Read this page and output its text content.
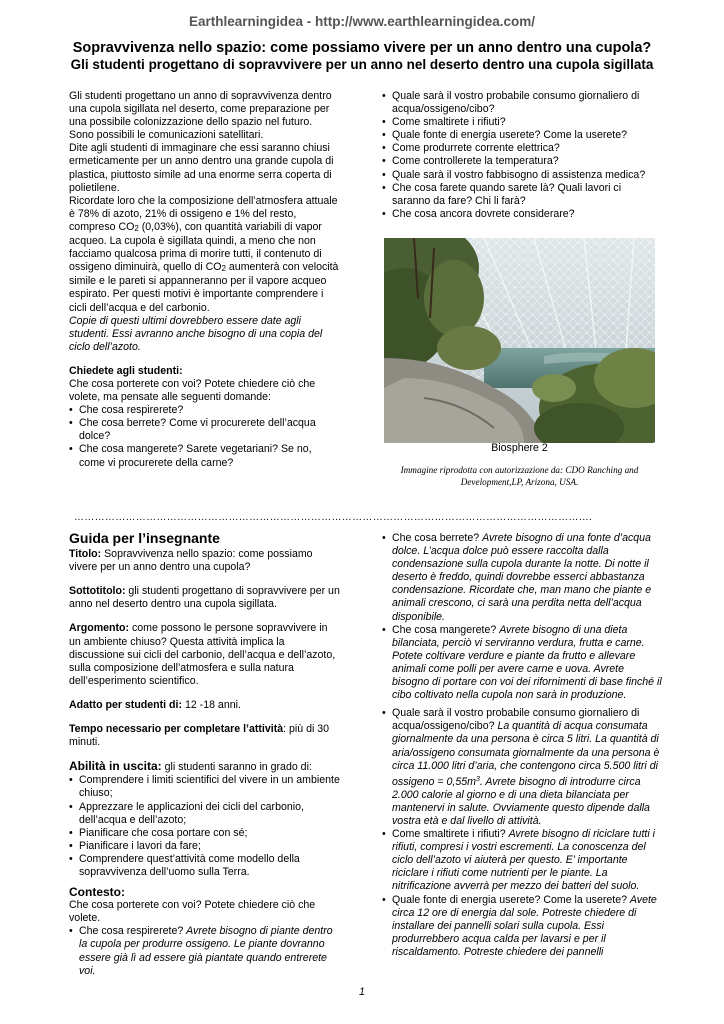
Earthlearningidea - http://www.earthlearningidea.com/
Sopravvivenza nello spazio: come possiamo vivere per un anno dentro una cupola?
Gli studenti progettano di sopravvivere per un anno nel deserto dentro una cupola sigillata

Gli studenti progettano un anno di sopravvivenza dentro una cupola sigillata nel deserto, come preparazione per una possibile colonizzazione dello spazio nel futuro. Sono possibili le comunicazioni satellitari.

Dite agli studenti di immaginare che essi saranno chiusi ermeticamente per un anno dentro una grande cupola di plastica, piuttosto simile ad una enorme serra coperta di polietilene.

Ricordate loro che la composizione dell’atmosfera attuale è 78% di azoto, 21% di ossigeno e 1% del resto, compreso CO2 (0,03%), con quantità variabili di vapor acqueo. La cupola è sigillata quindi, a meno che non facciamo qualcosa prima di morire tutti, il contenuto di ossigeno diminuirà, quello di CO2 aumenterà con velocità simile e le pareti si appanneranno per il vapore acqueo espirato. Per questi motivi è importante comprendere i cicli dell’acqua e del carbonio.

Copie di questi ultimi dovrebbero essere date agli studenti. Essi avranno anche bisogno di una copia del ciclo dell’azoto.

Chiedete agli studenti:

Che cosa porterete con voi? Potete chiedere ciò che volete, ma pensate alle seguenti domande:

• Che cosa respirerete?
• Che cosa berrete? Come vi procurerete dell’acqua dolce?
• Che cosa mangerete? Sarete vegetariani? Se no, come vi procurerete della carne?
• Quale sarà il vostro probabile consumo giornaliero di acqua/ossigeno/cibo?
• Come smaltirete i rifiuti?
• Quale fonte di energia userete? Come la userete?
• Come produrrete corrente elettrica?
• Come controllerete la temperatura?
• Quale sarà il vostro fabbisogno di assistenza medica?
• Che cosa farete quando sarete là? Quali lavori ci saranno da fare? Chi li farà?
• Che cosa ancora dovrete considerare?
Biosphere 2
Immagine riprodotta con autorizzazione da: CDO Ranching and Development,LP, Arizona, USA.
…………………………………………………………………………………………………………………………………….
Guida per l’insegnante

Titolo: Sopravvivenza nello spazio: come possiamo vivere per un anno dentro una cupola?

Sottotitolo: gli studenti progettano di sopravvivere per un anno nel deserto dentro una cupola sigillata.

Argomento: come possono le persone sopravvivere in un ambiente chiuso? Questa attività implica la discussione sui cicli del carbonio, dell’acqua e dell’azoto, sulla composizione dell’atmosfera e sulla natura dell’esperimento scientifico.

Adatto per studenti di: 12 -18 anni.

Tempo necessario per completare l’attività: più di 30 minuti.

Abilità in uscita: gli studenti saranno in grado di:

• Comprendere i limiti scientifici del vivere in un ambiente chiuso;
• Apprezzare le applicazioni dei cicli del carbonio, dell’acqua e dell’azoto;
• Pianificare che cosa portare con sé;
• Pianificare i lavori da fare;
• Comprendere quest’attività come modello della sopravvivenza dell’uomo sulla Terra.

Contesto:

Che cosa porterete con voi? Potete chiedere ciò che volete.

• Che cosa respirerete? Avrete bisogno di piante dentro la cupola per produrre ossigeno. Le piante dovranno essere già lì ad essere già piantate quando entrerete voi.
• Che cosa berrete? Avrete bisogno di una fonte d’acqua dolce. L’acqua dolce può essere raccolta dalla condensazione sulla cupola durante la notte. Di notte il deserto è freddo, quindi dovrebbe esserci abbastanza condensazione. Ricordate che, man mano che piante e animali crescono, ci sarà una perdita netta dell’acqua disponibile.
• Che cosa mangerete? Avrete bisogno di una dieta bilanciata, perciò vi serviranno verdura, frutta e carne. Potete coltivare verdure e piante da frutto e allevare animali come polli per avere carne e uova. Avrete bisogno di portare con voi dei rifornimenti di base finché il cibo coltivato nella cupola non sarà in produzione.
• Quale sarà il vostro probabile consumo giornaliero di acqua/ossigeno/cibo? La quantità di acqua consumata giornalmente da una persona è circa 5 litri. La quantità di aria/ossigeno consumata giornalmente da una persona è circa 11.000 litri d’aria, che contengono circa 5.500 litri di ossigeno = $0,55m^3$. Avrete bisogno di introdurre circa 2.000 calorie al giorno e di una dieta bilanciata per mantenervi in salute. Ovviamente questo dipende dalla vostra età e dal livello di attività.
• Come smaltirete i rifiuti? Avrete bisogno di riciclare tutti i rifiuti, compresi i vostri escrementi. La conoscenza del ciclo dell’azoto vi aiuterà per questo. E’ importante riciclare i rifiuti come nutrienti per le piante. La nitrificazione avverrà per mezzo dei batteri del suolo.
• Quale fonte di energia userete? Come la userete? Avete circa 12 ore di energia dal sole. Potreste chiedere di installare dei pannelli solari sulla cupola. Essi produrrebbero acqua calda per lavarsi e per il riscaldamento. Potreste chiedere dei pannelli
1
